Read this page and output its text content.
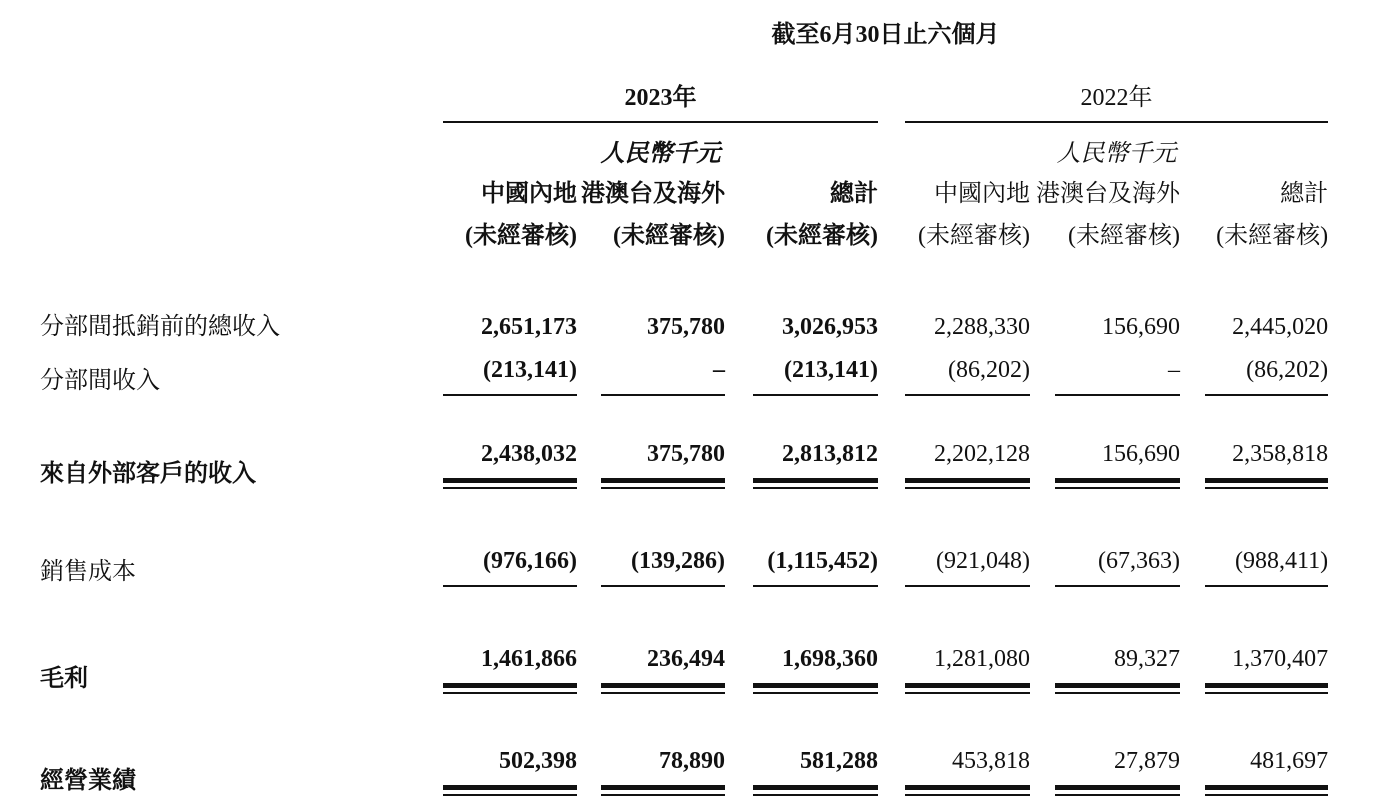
	截至6月30日止六個月										
	2023年						2022年				
	人民幣千元						人民幣千元				
	中國內地	港澳台及海外			總計		中國內地	港澳台及海外			總計
	(未經審核)		(未經審核)		(未經審核)		(未經審核)		(未經審核)		(未經審核)
分部間抵銷前的總收入	2,651,173		375,780		3,026,953		2,288,330		156,690		2,445,020

分部間收入	(213,141)		–		(213,141)		(86,202)		–		(86,202)

來自外部客戶的收入	2,438,032		375,780		2,813,812		2,202,128		156,690		2,358,818

銷售成本	(976,166)		(139,286)		(1,115,452)		(921,048)		(67,363)		(988,411)

毛利	1,461,866		236,494		1,698,360		1,281,080		89,327		1,370,407

經營業績	502,398		78,890		581,288		453,818		27,879		481,697
